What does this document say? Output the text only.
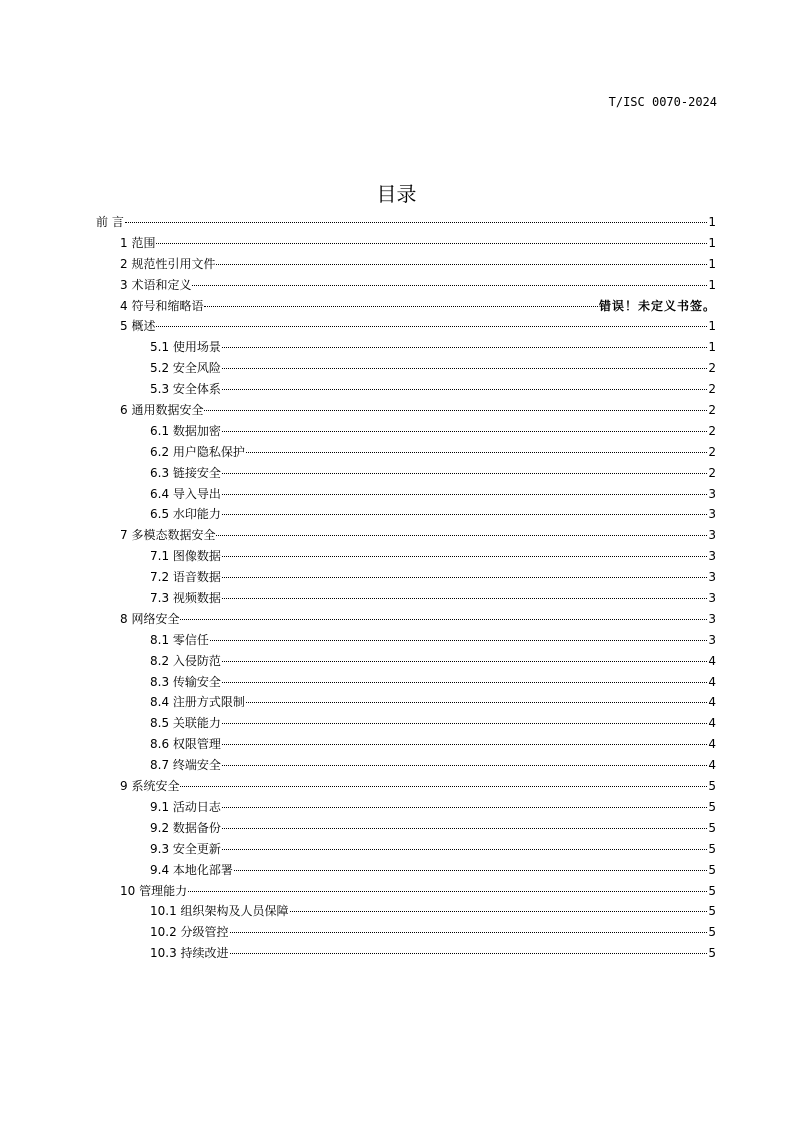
T/ISC 0070-2024
目录
前 言	1
1 范围	1
2 规范性引用文件	1
3 术语和定义	1
4 符号和缩略语	错误！未定义书签。
5 概述	1
5.1 使用场景	1
5.2 安全风险	2
5.3 安全体系	2
6 通用数据安全	2
6.1 数据加密	2
6.2 用户隐私保护	2
6.3 链接安全	2
6.4 导入导出	3
6.5 水印能力	3
7 多模态数据安全	3
7.1 图像数据	3
7.2 语音数据	3
7.3 视频数据	3
8 网络安全	3
8.1 零信任	3
8.2 入侵防范	4
8.3 传输安全	4
8.4 注册方式限制	4
8.5 关联能力	4
8.6 权限管理	4
8.7 终端安全	4
9 系统安全	5
9.1 活动日志	5
9.2 数据备份	5
9.3 安全更新	5
9.4 本地化部署	5
10 管理能力	5
10.1 组织架构及人员保障	5
10.2 分级管控	5
10.3 持续改进	5
